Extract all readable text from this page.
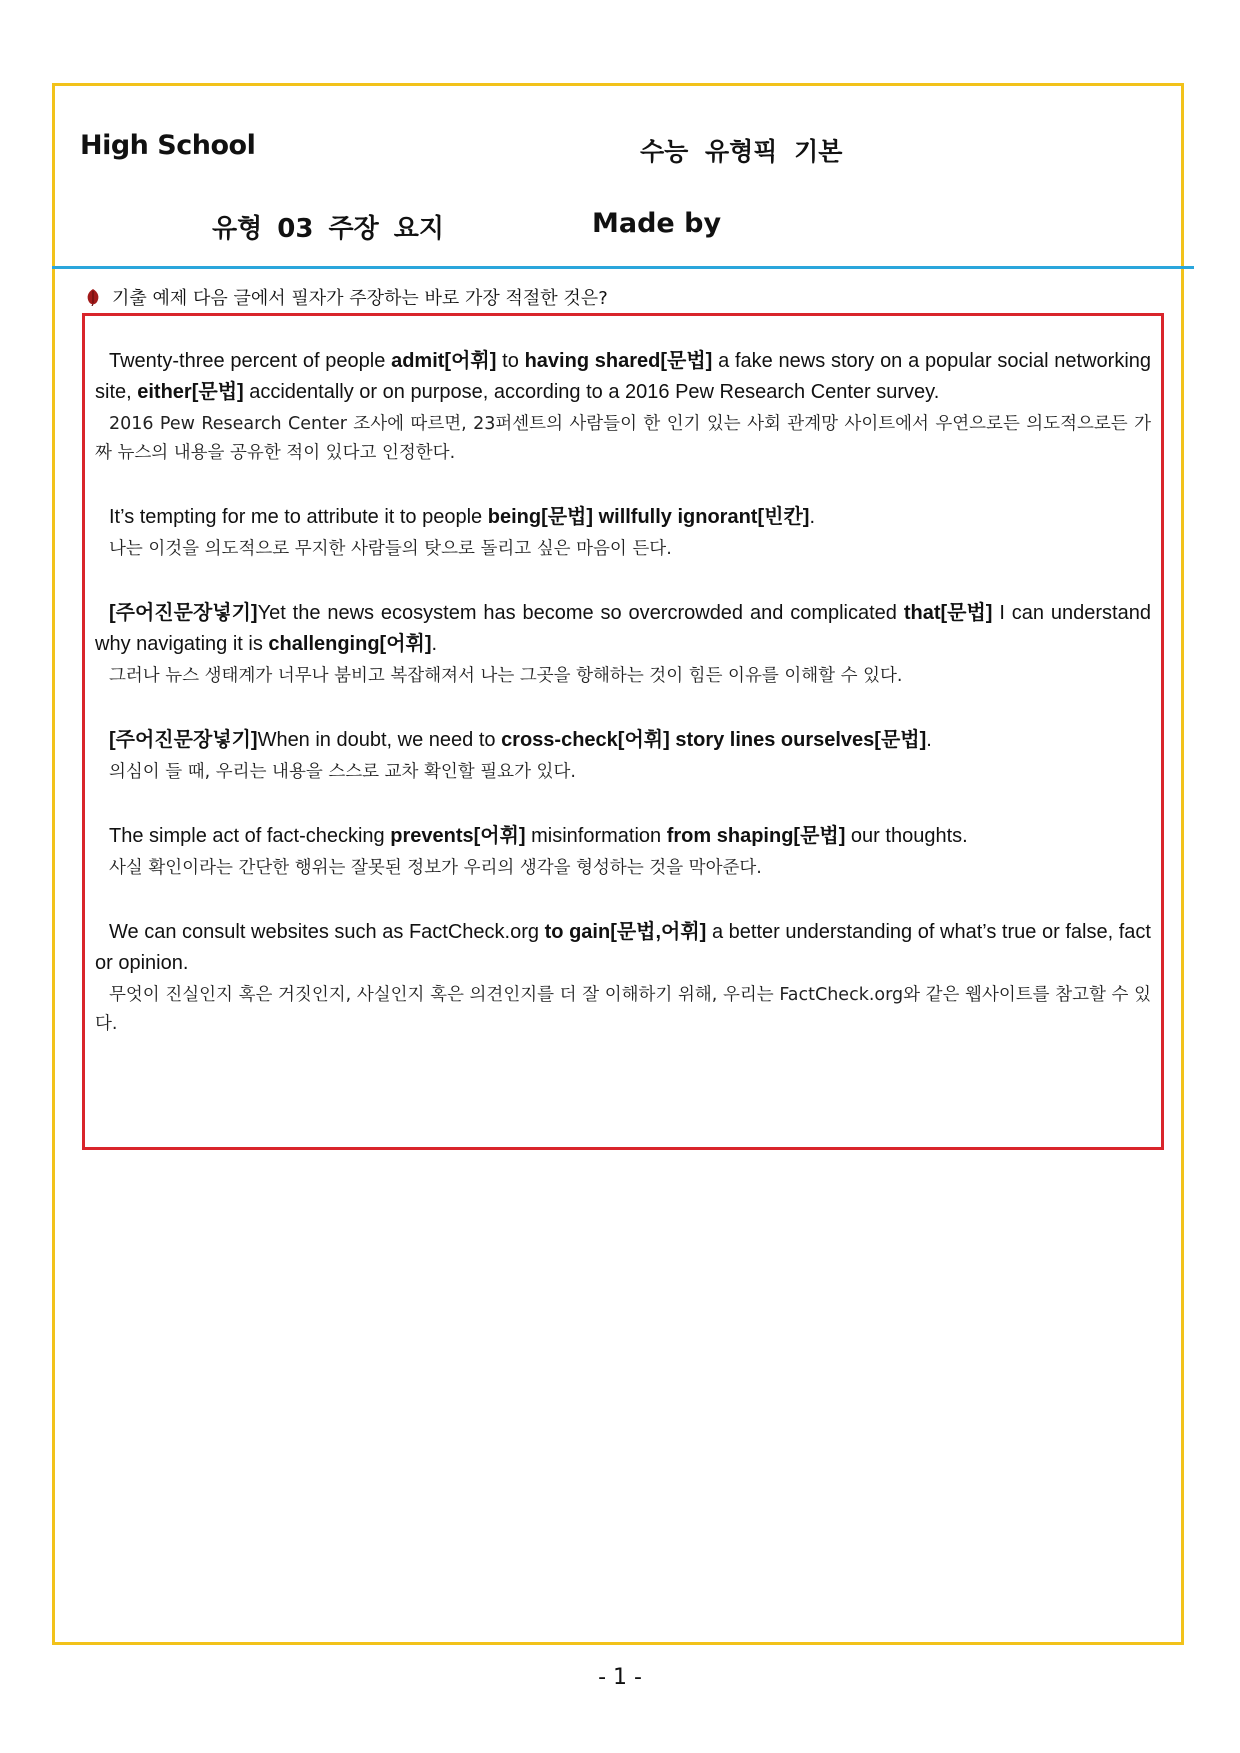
High School	수능 유형픽 기본
유형 03 주장 요지	Made by
기출 예제 다음 글에서 필자가 주장하는 바로 가장 적절한 것은?
Twenty-three percent of people admit[어휘] to having shared[문법] a fake news story on a popular social networking site, either[문법] accidentally or on purpose, according to a 2016 Pew Research Center survey.
2016 Pew Research Center 조사에 따르면, 23퍼센트의 사람들이 한 인기 있는 사회 관계망 사이트에서 우연으로든 의도적으로든 가짜 뉴스의 내용을 공유한 적이 있다고 인정한다.
It’s tempting for me to attribute it to people being[문법] willfully ignorant[빈칸].
나는 이것을 의도적으로 무지한 사람들의 탓으로 돌리고 싶은 마음이 든다.
[주어진문장넣기]Yet the news ecosystem has become so overcrowded and complicated that[문법] I can understand why navigating it is challenging[어휘].
그러나 뉴스 생태계가 너무나 붐비고 복잡해져서 나는 그곳을 항해하는 것이 힘든 이유를 이해할 수 있다.
[주어진문장넣기]When in doubt, we need to cross-check[어휘] story lines ourselves[문법].
의심이 들 때, 우리는 내용을 스스로 교차 확인할 필요가 있다.
The simple act of fact-checking prevents[어휘] misinformation from shaping[문법] our thoughts.
사실 확인이라는 간단한 행위는 잘못된 정보가 우리의 생각을 형성하는 것을 막아준다.
We can consult websites such as FactCheck.org to gain[문법,어휘] a better understanding of what’s true or false, fact or opinion.
무엇이 진실인지 혹은 거짓인지, 사실인지 혹은 의견인지를 더 잘 이해하기 위해, 우리는 FactCheck.org와 같은 웹사이트를 참고할 수 있다.
- 1 -
